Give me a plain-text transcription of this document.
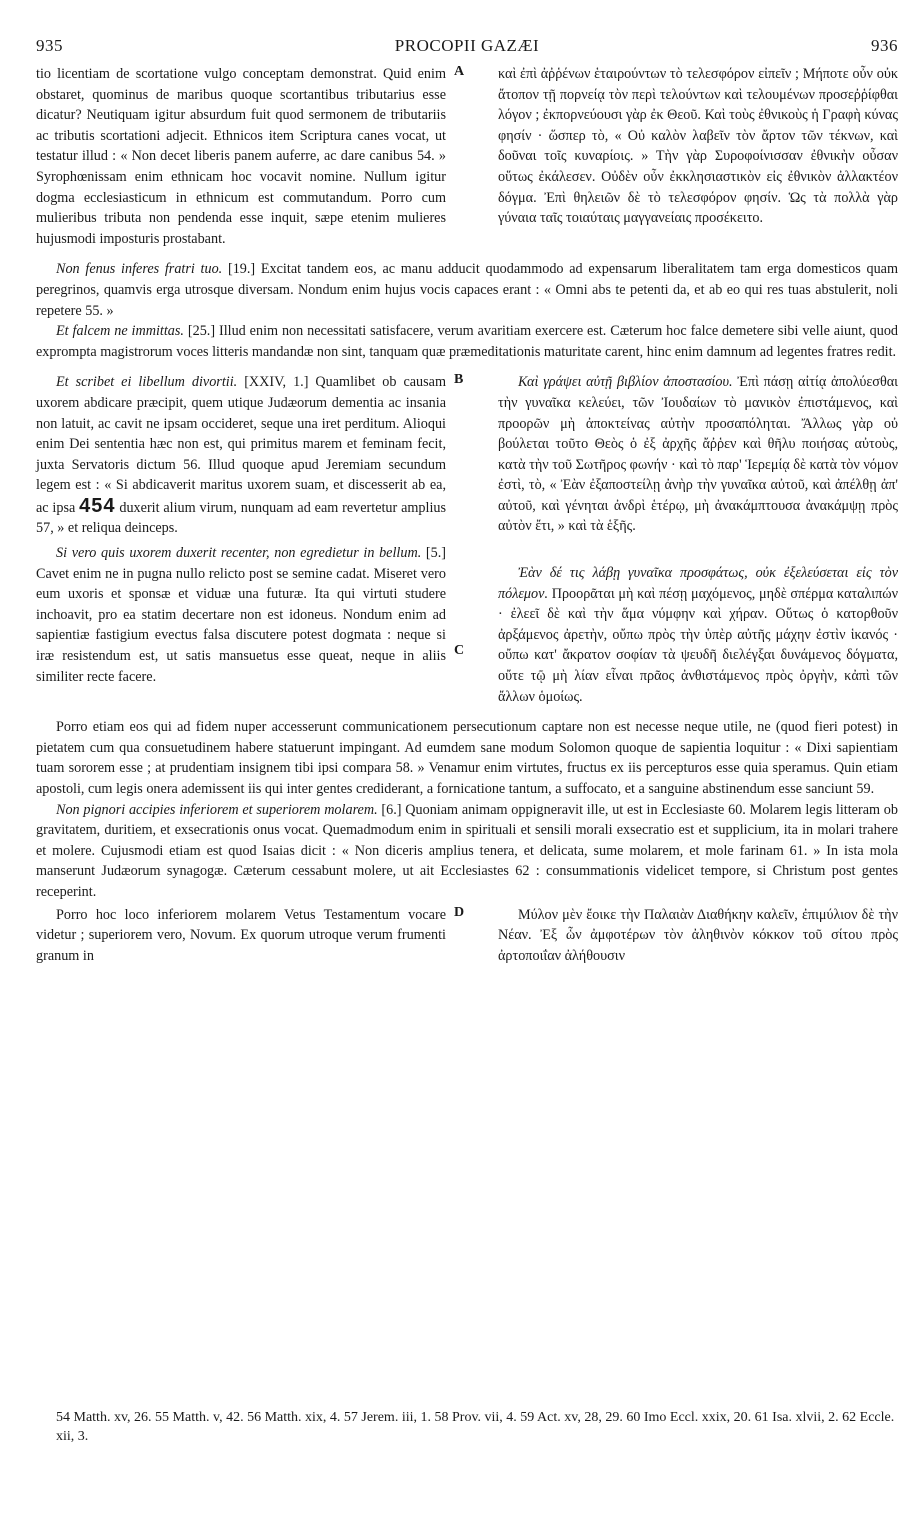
935	PROCOPII GAZÆI	936

tio licentiam de scortatione vulgo conceptam demonstrat. Quid enim obstaret, quominus de maribus quoque scortantibus tributarius esse dicatur? Neutiquam igitur absurdum fuit quod sermonem de tributariis ac tributis scortationi adjecit. Ethnicos item Scriptura canes vocat, ut testatur illud : « Non decet liberis panem auferre, ac dare canibus 54. » Syrophœnissam enim ethnicam hoc vocavit nomine. Nullum igitur dogma ecclesiasticum in ethnicum est commutandum. Porro cum mulieribus tributa non pendenda esse inquit, sæpe etenim mulieres hujusmodi imposturis prostabant.

A καὶ ἐπὶ ἀῤῥένων ἑταιρούντων τὸ τελεσφόρον εἰπεῖν ; Μήποτε οὖν οὐκ ἄτοπον τῇ πορνείᾳ τὸν περὶ τελούντων καὶ τελουμένων προσεῤῥίφθαι λόγον ; ἐκπορνεύουσι γὰρ ἐκ Θεοῦ. Καὶ τοὺς ἐθνικοὺς ἡ Γραφὴ κύνας φησίν · ὥσπερ τὸ, « Οὐ καλὸν λαβεῖν τὸν ἄρτον τῶν τέκνων, καὶ δοῦναι τοῖς κυναρίοις. » Τὴν γὰρ Συροφοίνισσαν ἐθνικὴν οὖσαν οὕτως ἐκάλεσεν. Οὐδὲν οὖν ἐκκλησιαστικὸν εἰς ἐθνικὸν ἀλλακτέον δόγμα. Ἐπὶ θηλειῶν δὲ τὸ τελεσφόρον φησίν. Ὡς τὰ πολλὰ γὰρ γύναια ταῖς τοιαύταις μαγγανείαις προσέκειτο.

Non fenus inferes fratri tuo. [19.] Excitat tandem eos, ac manu adducit quodammodo ad expensarum liberalitatem tam erga domesticos quam peregrinos, quamvis erga utrosque diversam. Nondum enim hujus vocis capaces erant : « Omni abs te petenti da, et ab eo qui res tuas abstulerit, noli repetere 55. »

Et falcem ne immittas. [25.] Illud enim non necessitati satisfacere, verum avaritiam exercere est. Cæterum hoc falce demetere sibi velle aiunt, quod exprompta magistrorum voces litteris mandandæ non sint, tanquam quæ præmeditationis maturitate carent, hinc enim damnum ad legentes fratres redit.

Et scribet ei libellum divortii. [XXIV, 1.] Quamlibet ob causam uxorem abdicare præcipit, quem utique Judæorum dementia ac insania non latuit, ac cavit ne ipsam occideret, seque una iret perditum. Alioqui enim Dei sententia hæc non est, qui primitus marem et feminam fecit, juxta Servatoris dictum 56. Illud quoque apud Jeremiam secundum legem est : « Si abdicaverit maritus uxorem suam, et discesserit ab ea, ac ipsa 454 duxerit alium virum, nunquam ad eam revertetur amplius 57, » et reliqua deinceps.

B	Καὶ γράψει αὐτῇ βιβλίον ἀποστασίου. Ἐπὶ πάσῃ αἰτίᾳ ἀπολύεσθαι τὴν γυναῖκα κελεύει, τῶν Ἰουδαίων τὸ μανικὸν ἐπιστάμενος, καὶ προορῶν μὴ ἀποκτείνας αὐτὴν προσαπόληται. Ἄλλως γὰρ οὐ βούλεται τοῦτο Θεὸς ὁ ἐξ ἀρχῆς ἄῤῥεν καὶ θῆλυ ποιήσας αὐτοὺς, κατὰ τὴν τοῦ Σωτῆρος φωνήν · καὶ τὸ παρ' Ἱερεμίᾳ δὲ κατὰ τὸν νόμον ἐστὶ, τὸ, « Ἐὰν ἐξαποστείλῃ ἀνὴρ τὴν γυναῖκα αὐτοῦ, καὶ ἀπέλθῃ ἀπ' αὐτοῦ, καὶ γένηται ἀνδρὶ ἑτέρῳ, μὴ ἀνακάμπτουσα ἀνακάμψῃ πρὸς αὐτὸν ἔτι, » καὶ τὰ ἑξῆς.

Si vero quis uxorem duxerit recenter, non egredietur in bellum. [5.] Cavet enim ne in pugna nullo relicto post se semine cadat. Miseret vero eum uxoris et sponsæ et viduæ una futuræ. Ita qui virtuti studere inchoavit, pro ea statim decertare non est idoneus. Nondum enim ad sapientiæ fastigium evectus falsa discutere potest dogmata : neque si iræ resistendum est, ut satis mansuetus esse queat, neque in aliis similiter recte facere.

C

Ἐὰν δέ τις λάβῃ γυναῖκα προσφάτως, οὐκ ἐξελεύσεται εἰς τὸν πόλεμον. Προορᾶται μὴ καὶ πέσῃ μαχόμενος, μηδὲ σπέρμα καταλιπών · ἐλεεῖ δὲ καὶ τὴν ἅμα νύμφην καὶ χήραν. Οὕτως ὁ κατορθοῦν ἀρξάμενος ἀρετὴν, οὔπω πρὸς τὴν ὑπὲρ αὐτῆς μάχην ἐστὶν ἱκανός · οὔπω κατ' ἄκρατον σοφίαν τὰ ψευδῆ διελέγξαι δυνάμενος δόγματα, οὔτε τῷ μὴ λίαν εἶναι πρᾶος ἀνθιστάμενος πρὸς ὀργὴν, κἀπὶ τῶν ἄλλων ὁμοίως.

Porro etiam eos qui ad fidem nuper accesserunt communicationem persecutionum captare non est necesse neque utile, ne (quod fieri potest) in pietatem cum qua consuetudinem habere statuerunt impingant. Ad eumdem sane modum Solomon quoque de sapientia loquitur : « Dixi sapientiam tuam sororem esse ; at prudentiam insignem tibi ipsi compara 58. » Venamur enim virtutes, fructus ex iis percepturos esse quia speramus. Quin etiam apostoli, cum legis onera ademissent iis qui inter gentes crediderant, a fornicatione tantum, a suffocato, et a sanguine abstinendum esse sanciunt 59.

Non pignori accipies inferiorem et superiorem molarem. [6.] Quoniam animam oppigneravit ille, ut est in Ecclesiaste 60. Molarem legis litteram ob gravitatem, duritiem, et exsecrationis onus vocat. Quemadmodum enim in spirituali et sensili morali exsecratio est et supplicium, ita in molari trahere et molere. Cujusmodi etiam est quod Isaias dicit : « Non diceris amplius tenera, et delicata, sume molarem, et mole farinam 61. » In ista mola manserunt Judæorum synagogæ. Cæterum cessabunt molere, ut ait Ecclesiastes 62 : consummationis videlicet tempore, si Christum post gentes receperint.

Porro hoc loco inferiorem molarem Vetus Testamentum vocare videtur ; superiorem vero, Novum. Ex quorum utroque verum frumenti granum in

D	Μύλον μὲν ἔοικε τὴν Παλαιὰν Διαθήκην καλεῖν, ἐπιμύλιον δὲ τὴν Νέαν. Ἐξ ὧν ἀμφοτέρων τὸν ἀληθινὸν κόκκον τοῦ σίτου πρὸς ἀρτοποιΐαν ἀλήθουσιν

54 Matth. xv, 26. 55 Matth. v, 42. 56 Matth. xix, 4. 57 Jerem. iii, 1. 58 Prov. vii, 4. 59 Act. xv, 28, 29. 60 Imo Eccl. xxix, 20. 61 Isa. xlvii, 2. 62 Eccle. xii, 3.
